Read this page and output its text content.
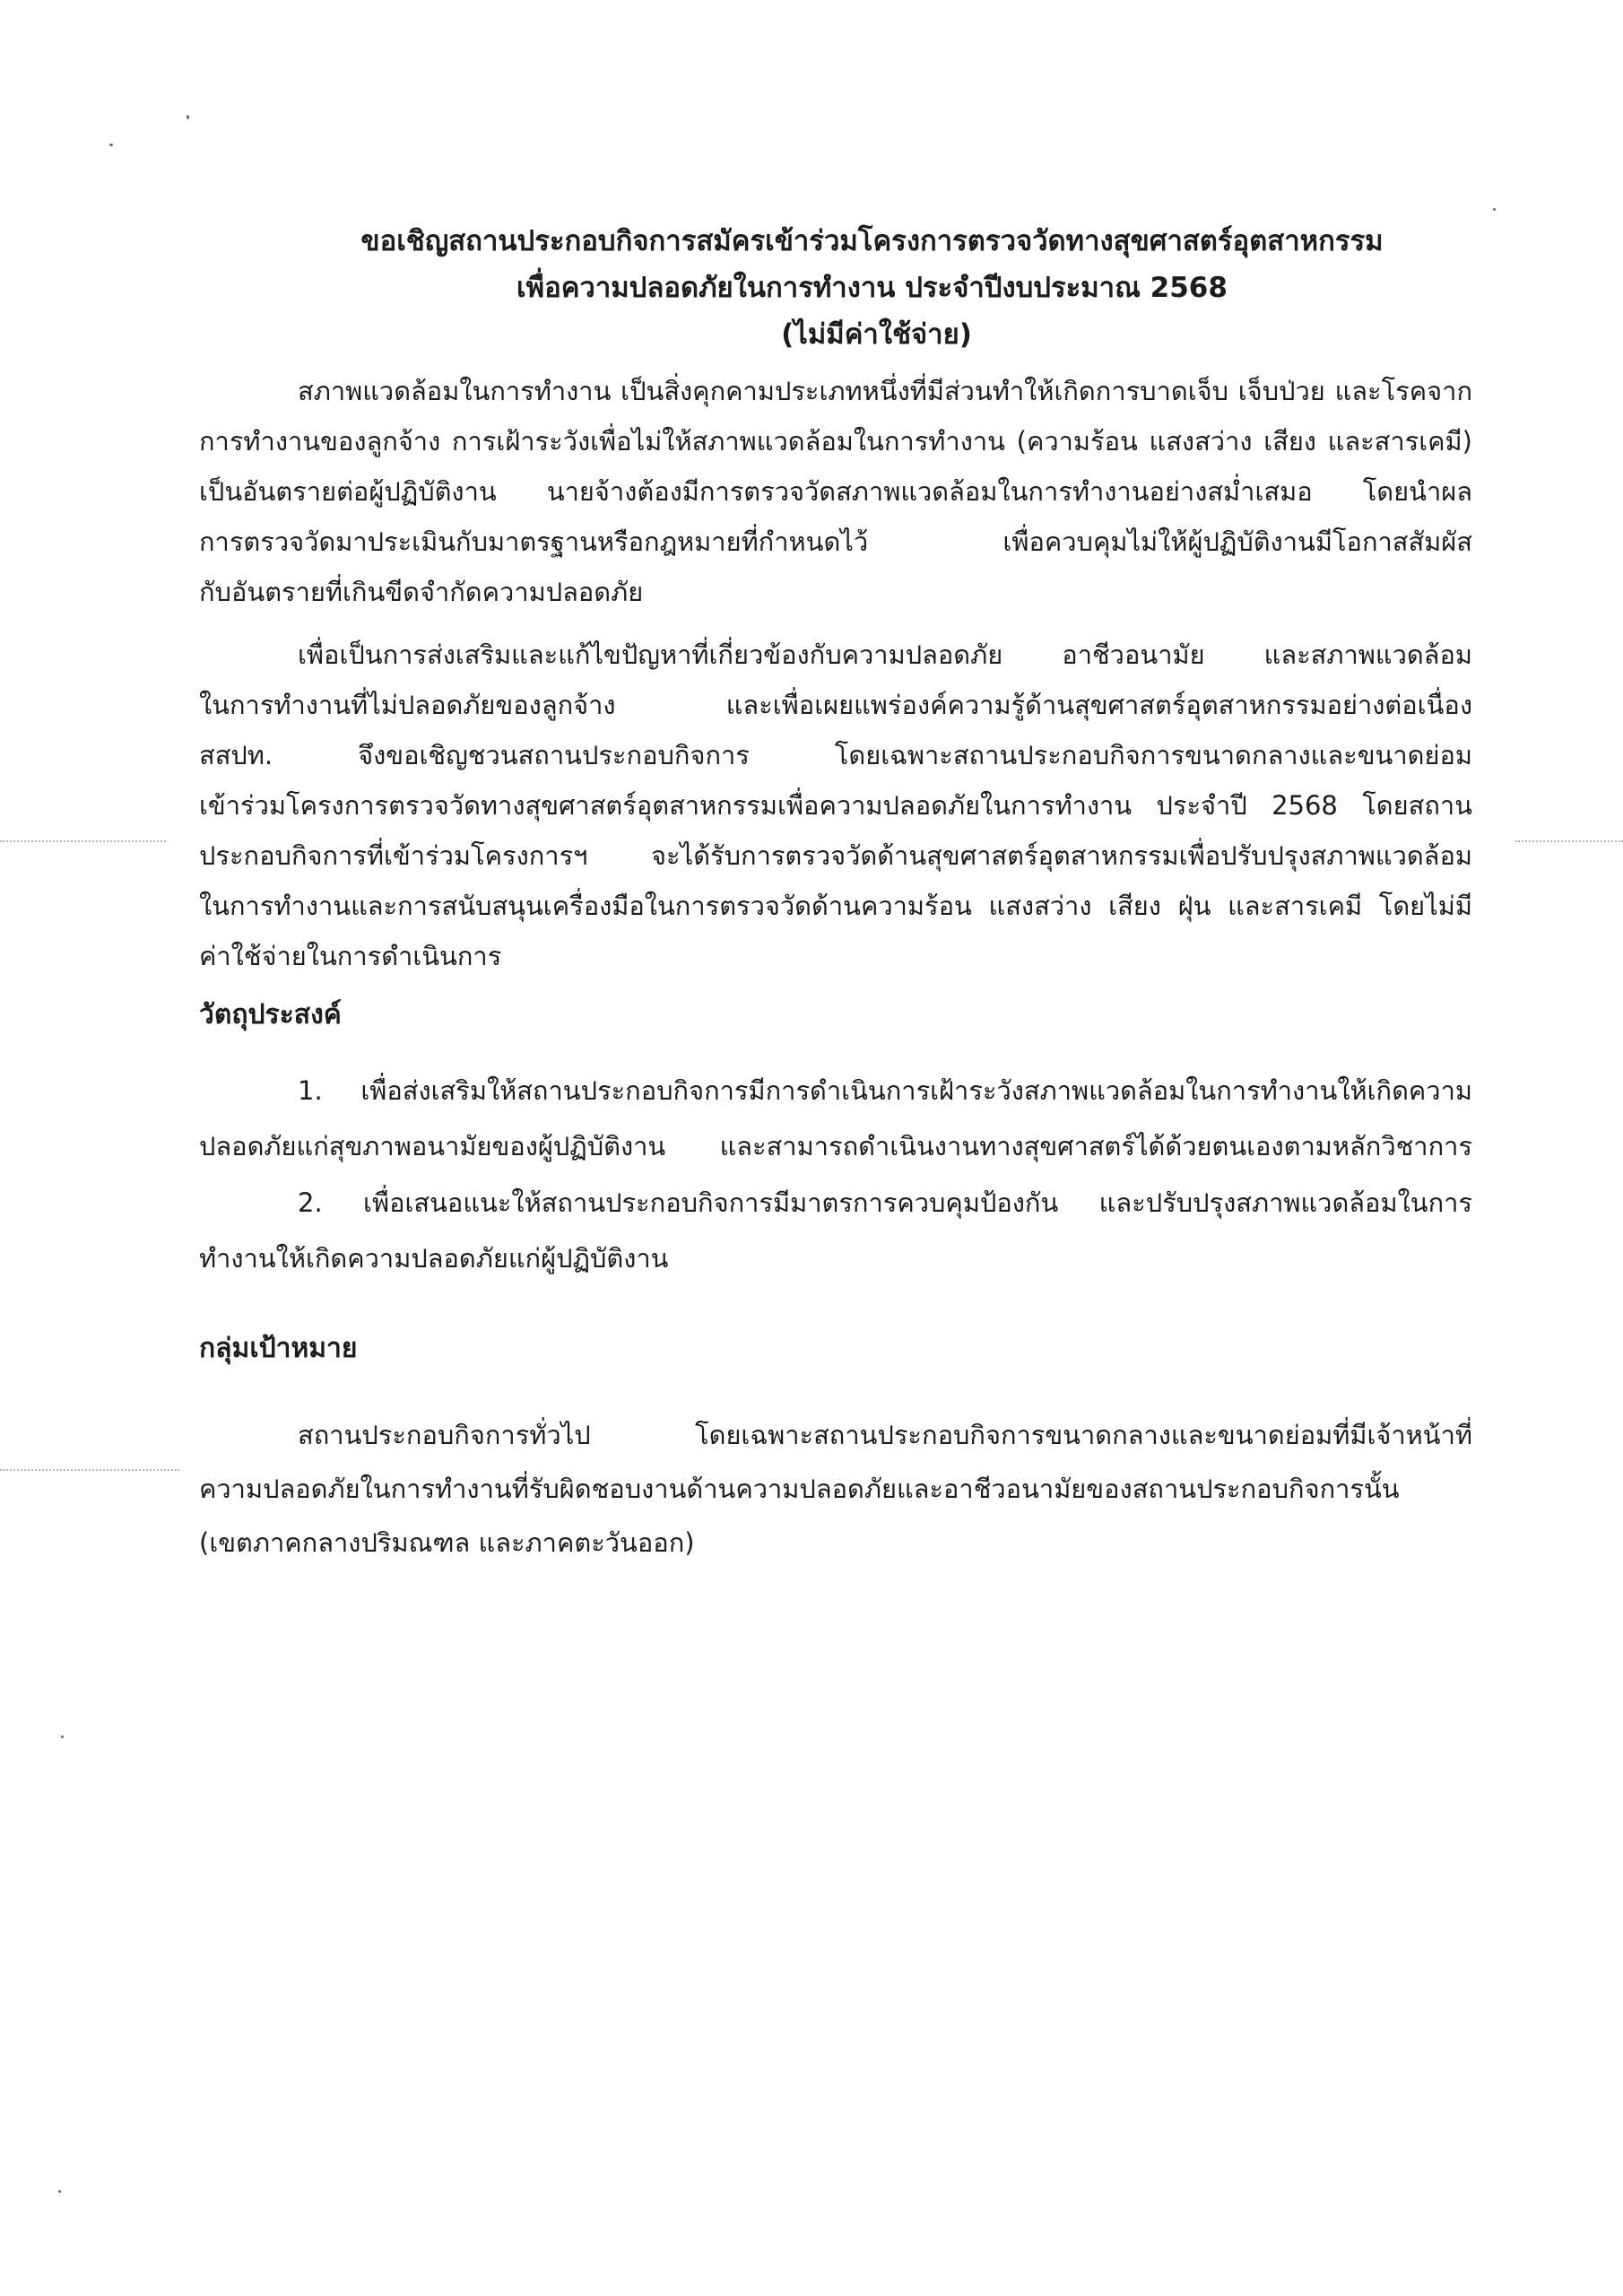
ขอเชิญสถานประกอบกิจการสมัครเข้าร่วมโครงการตรวจวัดทางสุขศาสตร์อุตสาหกรรม
เพื่อความปลอดภัยในการทำงาน ประจำปีงบประมาณ 2568
(ไม่มีค่าใช้จ่าย)
สภาพแวดล้อมในการทำงาน เป็นสิ่งคุกคามประเภทหนึ่งที่มีส่วนทำให้เกิดการบาดเจ็บ เจ็บป่วย และโรคจาก
การทำงานของลูกจ้าง การเฝ้าระวังเพื่อไม่ให้สภาพแวดล้อมในการทำงาน (ความร้อน แสงสว่าง เสียง และสารเคมี)
เป็นอันตรายต่อผู้ปฏิบัติงาน นายจ้างต้องมีการตรวจวัดสภาพแวดล้อมในการทำงานอย่างสม่ำเสมอ โดยนำผล
การตรวจวัดมาประเมินกับมาตรฐานหรือกฎหมายที่กำหนดไว้ เพื่อควบคุมไม่ให้ผู้ปฏิบัติงานมีโอกาสสัมผัส
กับอันตรายที่เกินขีดจำกัดความปลอดภัย
เพื่อเป็นการส่งเสริมและแก้ไขปัญหาที่เกี่ยวข้องกับความปลอดภัย อาชีวอนามัย และสภาพแวดล้อม
ในการทำงานที่ไม่ปลอดภัยของลูกจ้าง และเพื่อเผยแพร่องค์ความรู้ด้านสุขศาสตร์อุตสาหกรรมอย่างต่อเนื่อง
สสปท. จึงขอเชิญชวนสถานประกอบกิจการ โดยเฉพาะสถานประกอบกิจการขนาดกลางและขนาดย่อม
เข้าร่วมโครงการตรวจวัดทางสุขศาสตร์อุตสาหกรรมเพื่อความปลอดภัยในการทำงาน ประจำปี 2568 โดยสถาน
ประกอบกิจการที่เข้าร่วมโครงการฯ จะได้รับการตรวจวัดด้านสุขศาสตร์อุตสาหกรรมเพื่อปรับปรุงสภาพแวดล้อม
ในการทำงานและการสนับสนุนเครื่องมือในการตรวจวัดด้านความร้อน แสงสว่าง เสียง ฝุ่น และสารเคมี โดยไม่มี
ค่าใช้จ่ายในการดำเนินการ
วัตถุประสงค์
1. เพื่อส่งเสริมให้สถานประกอบกิจการมีการดำเนินการเฝ้าระวังสภาพแวดล้อมในการทำงานให้เกิดความ
ปลอดภัยแก่สุขภาพอนามัยของผู้ปฏิบัติงาน และสามารถดำเนินงานทางสุขศาสตร์ได้ด้วยตนเองตามหลักวิชาการ
2. เพื่อเสนอแนะให้สถานประกอบกิจการมีมาตรการควบคุมป้องกัน และปรับปรุงสภาพแวดล้อมในการ
ทำงานให้เกิดความปลอดภัยแก่ผู้ปฏิบัติงาน
กลุ่มเป้าหมาย
สถานประกอบกิจการทั่วไป โดยเฉพาะสถานประกอบกิจการขนาดกลางและขนาดย่อมที่มีเจ้าหน้าที่
ความปลอดภัยในการทำงานที่รับผิดชอบงานด้านความปลอดภัยและอาชีวอนามัยของสถานประกอบกิจการนั้น
(เขตภาคกลางปริมณฑล และภาคตะวันออก)
